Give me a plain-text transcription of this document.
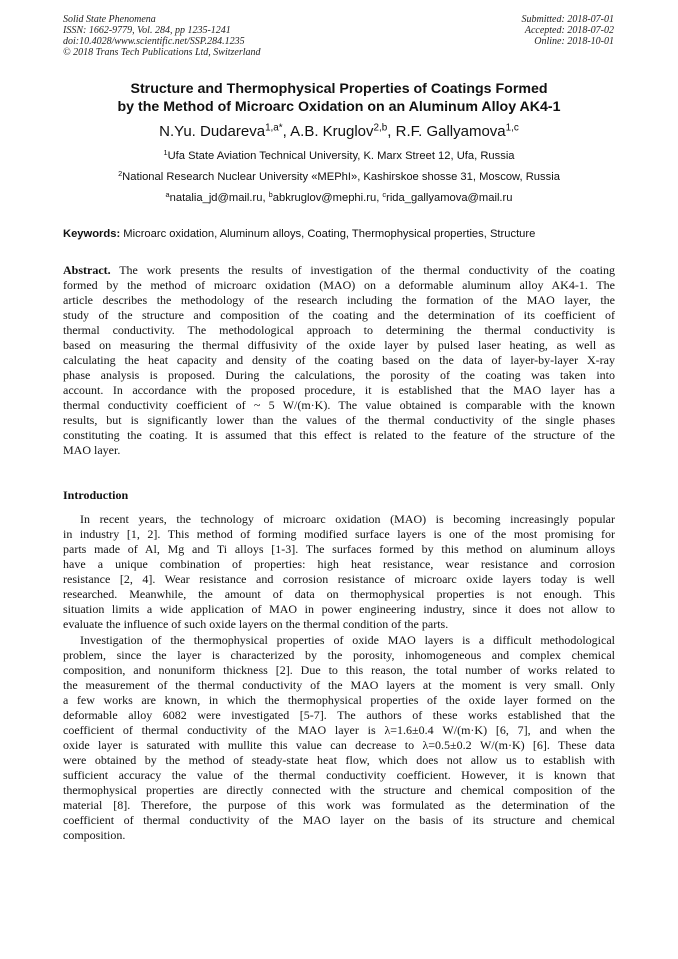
Solid State Phenomena
ISSN: 1662-9779, Vol. 284, pp 1235-1241
doi:10.4028/www.scientific.net/SSP.284.1235
© 2018 Trans Tech Publications Ltd, Switzerland
Submitted: 2018-07-01
Accepted: 2018-07-02
Online: 2018-10-01
Structure and Thermophysical Properties of Coatings Formed
by the Method of Microarc Oxidation on an Aluminum Alloy AK4-1
N.Yu. Dudareva$^{1,a*}$, A.B. Kruglov$^{2,b}$, R.F. Gallyamova$^{1,c}$
$^1$Ufa State Aviation Technical University, K. Marx Street 12, Ufa, Russia
$^2$National Research Nuclear University «MEPhI», Kashirskoe shosse 31, Moscow, Russia
$^a$natalia_jd@mail.ru, $^b$abkruglov@mephi.ru, $^c$rida_gallyamova@mail.ru
Keywords: Microarc oxidation, Aluminum alloys, Coating, Thermophysical properties, Structure
Abstract. The work presents the results of investigation of the thermal conductivity of the coating
formed by the method of microarc oxidation (MAO) on a deformable aluminum alloy AK4-1. The
article describes the methodology of the research including the formation of the MAO layer, the
study of the structure and composition of the coating and the determination of its coefficient of
thermal conductivity. The methodological approach to determining the thermal conductivity is
based on measuring the thermal diffusivity of the oxide layer by pulsed laser heating, as well as
calculating the heat capacity and density of the coating based on the data of layer-by-layer X-ray
phase analysis is proposed. During the calculations, the porosity of the coating was taken into
account. In accordance with the proposed procedure, it is established that the MAO layer has a
thermal conductivity coefficient of ~ 5 W/(m·K). The value obtained is comparable with the known
results, but is significantly lower than the values of the thermal conductivity of the single phases
constituting the coating. It is assumed that this effect is related to the feature of the structure of the
MAO layer.
Introduction
In recent years, the technology of microarc oxidation (MAO) is becoming increasingly popular
in industry [1, 2]. This method of forming modified surface layers is one of the most promising for
parts made of Al, Mg and Ti alloys [1-3]. The surfaces formed by this method on aluminum alloys
have a unique combination of properties: high heat resistance, wear resistance and corrosion
resistance [2, 4]. Wear resistance and corrosion resistance of microarc oxide layers today is well
researched. Meanwhile, the amount of data on thermophysical properties is not enough. This
situation limits a wide application of MAO in power engineering industry, since it does not allow to
evaluate the influence of such oxide layers on the thermal condition of the parts.
Investigation of the thermophysical properties of oxide MAO layers is a difficult methodological
problem, since the layer is characterized by the porosity, inhomogeneous and complex chemical
composition, and nonuniform thickness [2]. Due to this reason, the total number of works related to
the measurement of the thermal conductivity of the MAO layers at the moment is very small. Only
a few works are known, in which the thermophysical properties of the oxide layer formed on the
deformable alloy 6082 were investigated [5-7]. The authors of these works established that the
coefficient of thermal conductivity of the MAO layer is λ=1.6±0.4 W/(m·K) [6, 7], and when the
oxide layer is saturated with mullite this value can decrease to λ=0.5±0.2 W/(m·K) [6]. These data
were obtained by the method of steady-state heat flow, which does not allow us to establish with
sufficient accuracy the value of the thermal conductivity coefficient. However, it is known that
thermophysical properties are directly connected with the structure and chemical composition of the
material [8]. Therefore, the purpose of this work was formulated as the determination of the
coefficient of thermal conductivity of the MAO layer on the basis of its structure and chemical
composition.
